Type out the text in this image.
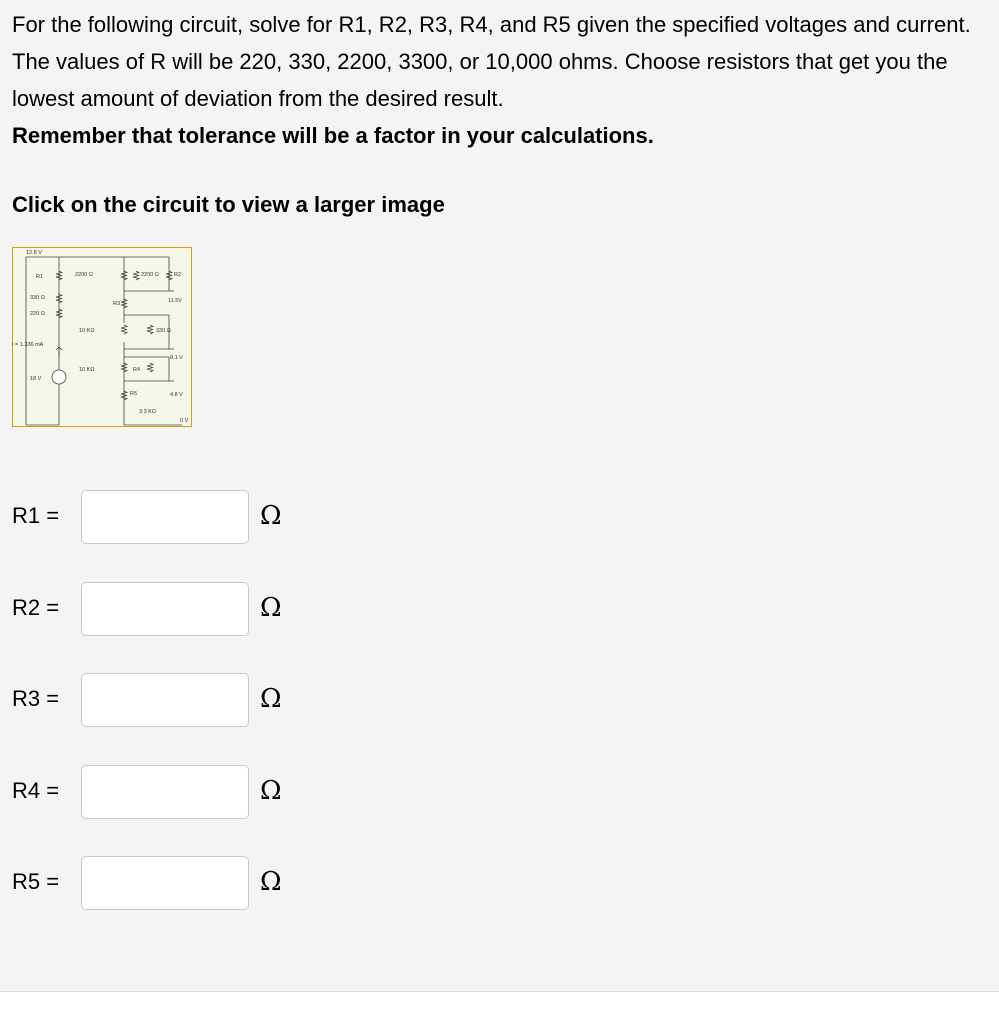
For the following circuit, solve for R1, R2, R3, R4, and R5 given the specified voltages and current. The values of R will be 220, 330, 2200, 3300, or 10,000 ohms. Choose resistors that get you the lowest amount of deviation from the desired result.
Remember that tolerance will be a factor in your calculations.

Click on the circuit to view a larger image

12.8 V
R1	2200 Ω	2200 Ω	R2
330 Ω
R3	11.5V
220 Ω
10 KΩ	330 Ω
I = 1.336 mA
8.1 V
10 KΩ	R4
18 V
R5	4.8 V
3.3 KΩ
0 V
R1 =	Ω
R2 =	Ω
R3 =	Ω
R4 =	Ω
R5 =	Ω
